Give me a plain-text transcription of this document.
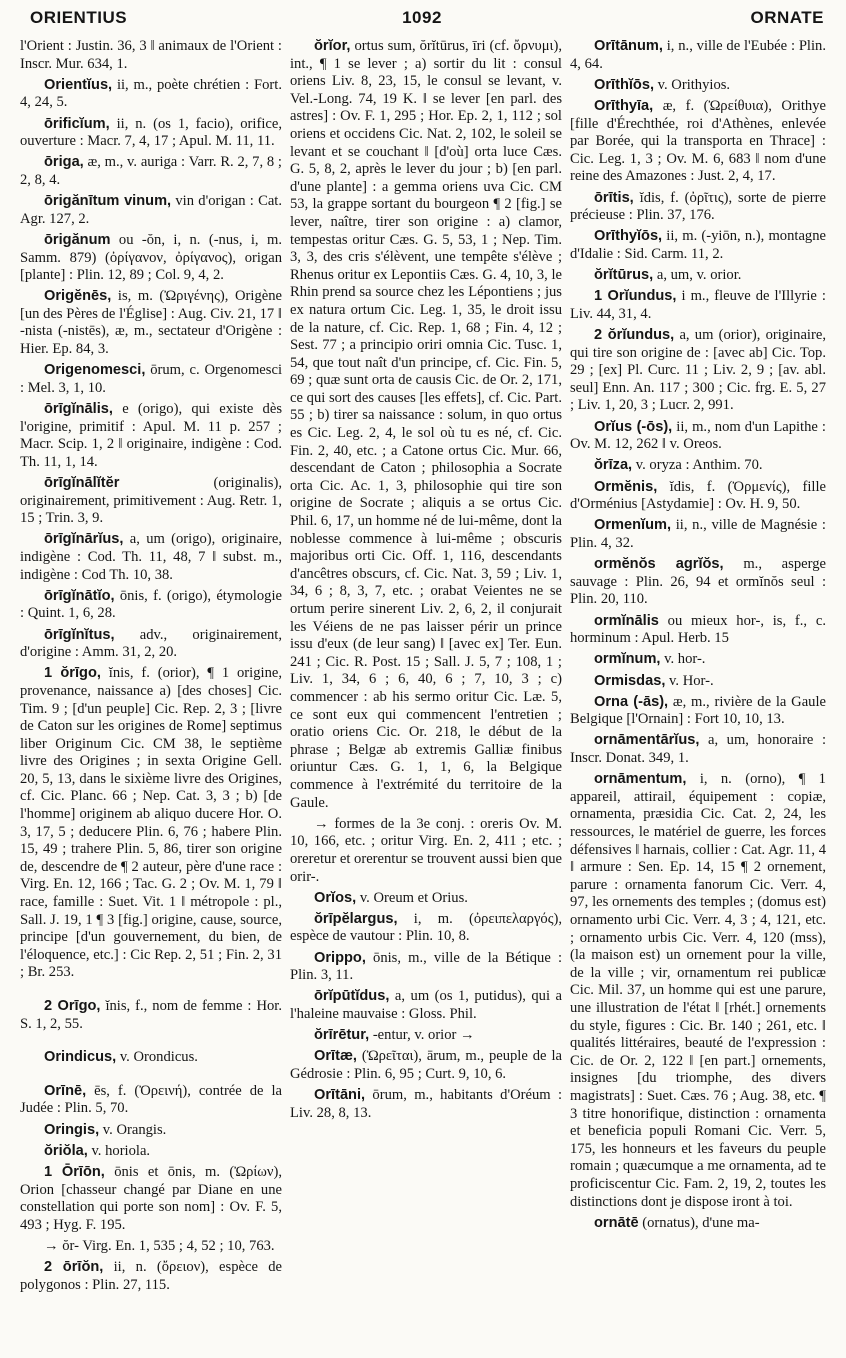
ORIENTIUS	1092	ORNATE

l'Orient : Justin. 36, 3 ‖ animaux de l'Orient : Inscr. Mur. 634, 1.

Orientĭus, ii, m., poète chrétien : Fort. 4, 24, 5.

ōrificĭum, ii, n. (os 1, facio), orifice, ouverture : Macr. 7, 4, 17 ; Apul. M. 11, 11.

ōriga, æ, m., v. auriga : Varr. R. 2, 7, 8 ; 2, 8, 4.

ōrigănītum vinum, vin d'origan : Cat. Agr. 127, 2.

ōrigănum ou -ŏn, i, n. (-nus, i, m. Samm. 879) (ὀρίγανον, ὀρίγανος), origan [plante] : Plin. 12, 89 ; Col. 9, 4, 2.

Origĕnēs, is, m. (Ὠριγένης), Origène [un des Pères de l'Église] : Aug. Civ. 21, 17 ‖ -nista (-nistēs), æ, m., sectateur d'Origène : Hier. Ep. 84, 3.

Origenomesci, ōrum, c. Orgenomesci : Mel. 3, 1, 10.

ōrīgĭnālis, e (origo), qui existe dès l'origine, primitif : Apul. M. 11 p. 257 ; Macr. Scip. 1, 2 ‖ originaire, indigène : Cod. Th. 11, 1, 14.

ōrīgĭnālĭtĕr	(originalis), originairement, primitivement : Aug. Retr. 1, 15 ; Trin. 3, 9.

ōrīgĭnārĭus, a, um (origo), originaire, indigène : Cod. Th. 11, 48, 7 ‖ subst. m., indigène : Cod Th. 10, 38.

ōrīgĭnātĭo, ōnis, f. (origo), étymologie : Quint. 1, 6, 28.

ōrīgĭnĭtus, adv., originairement, d'origine : Amm. 31, 2, 20.

1 ŏrīgo, ĭnis, f. (orior), ¶ 1 origine, provenance, naissance a) [des choses] Cic. Tim. 9 ; [d'un peuple] Cic. Rep. 2, 3 ; [livre de Caton sur les origines de Rome] septimus liber Originum Cic. CM 38, le septième livre des Origines ; in sexta Origine Gell. 20, 5, 13, dans le sixième livre des Origines, cf. Cic. Planc. 66 ; Nep. Cat. 3, 3 ; b) [de l'homme] originem ab aliquo ducere Hor. O. 3, 17, 5 ; deducere Plin. 6, 76 ; habere Plin. 15, 49 ; trahere Plin. 5, 86, tirer son origine de, descendre de ¶ 2 auteur, père d'une race : Virg. En. 12, 166 ; Tac. G. 2 ; Ov. M. 1, 79 ‖ race, famille : Suet. Vit. 1 ‖ métropole : pl., Sall. J. 19, 1 ¶ 3 [fig.] origine, cause, source, principe [d'un gouvernement, du bien, de l'éloquence, etc.] : Cic Rep. 2, 51 ; Fin. 2, 31 ; Br. 253.

2 Orīgo, ĭnis, f., nom de femme : Hor. S. 1, 2, 55.

Orindicus, v. Orondicus.

Orīnē, ēs, f. (Ὀρεινή), contrée de la Judée : Plin. 5, 70.

Oringis, v. Orangis.

ŏriŏla, v. horiola.

1 Ōrīōn, ōnis et ōnis, m. (Ὠρίων), Orion [chasseur changé par Diane en une constellation qui porte son nom] : Ov. F. 5, 493 ; Hyg. F. 195.

→ ŏr- Virg. En. 1, 535 ; 4, 52 ; 10, 763.

2 ōrīŏn, ii, n. (ὄρειον), espèce de polygonos : Plin. 27, 115.

ŏrĭor, ortus sum, ŏrĭtūrus, īri (cf. ὄρνυμι), int., ¶ 1 se lever ; a) sortir du lit : consul oriens Liv. 8, 23, 15, le consul se levant, v. Vel.-Long. 74, 19 K. ‖ se lever [en parl. des astres] : Ov. F. 1, 295 ; Hor. Ep. 2, 1, 112 ; sol oriens et occidens Cic. Nat. 2, 102, le soleil se levant et se couchant ‖ [d'où] orta luce Cæs. G. 5, 8, 2, après le lever du jour ; b) [en parl. d'une plante] : a gemma oriens uva Cic. CM 53, la grappe sortant du bourgeon ¶ 2 [fig.] se lever, naître, tirer son origine : a) clamor, tempestas oritur Cæs. G. 5, 53, 1 ; Nep. Tim. 3, 3, des cris s'élèvent, une tempête s'élève ; Rhenus oritur ex Lepontiis Cæs. G. 4, 10, 3, le Rhin prend sa source chez les Lépontiens ; jus ex natura ortum Cic. Leg. 1, 35, le droit issu de la nature, cf. Cic. Rep. 1, 68 ; Fin. 4, 12 ; Sest. 77 ; a principio oriri omnia Cic. Tusc. 1, 54, que tout naît d'un principe, cf. Cic. Fin. 5, 69 ; quæ sunt orta de causis Cic. de Or. 2, 171, ce qui sort des causes [les effets], cf. Cic. Part. 55 ; b) tirer sa naissance : solum, in quo ortus es Cic. Leg. 2, 4, le sol où tu es né, cf. Cic. Fin. 2, 40, etc. ; a Catone ortus Cic. Mur. 66, descendant de Caton ; philosophia a Socrate orta Cic. Ac. 1, 3, philosophie qui tire son origine de Socrate ; aliquis a se ortus Cic. Phil. 6, 17, un homme né de lui-même, dont la noblesse commence à lui-même ; obscuris majoribus orti Cic. Off. 1, 116, descendants d'ancêtres obscurs, cf. Cic. Nat. 3, 59 ; Liv. 1, 34, 6 ; 8, 3, 7, etc. ; orabat Veientes ne se ortum perire sinerent Liv. 2, 6, 2, il conjurait les Véiens de ne pas laisser périr un prince issu d'eux (de leur sang) ‖ [avec ex] Ter. Eun. 241 ; Cic. R. Post. 15 ; Sall. J. 5, 7 ; 108, 1 ; Liv. 1, 34, 6 ; 6, 40, 6 ; 7, 10, 3 ; c) commencer : ab his sermo oritur Cic. Læ. 5, ce sont eux qui commencent l'entretien ; oratio oriens Cic. Or. 218, le début de la phrase ; Belgæ ab extremis Galliæ finibus oriuntur Cæs. G. 1, 1, 6, la Belgique commence à l'extrémité du territoire de la Gaule.

→ formes de la 3e conj. : oreris Ov. M. 10, 166, etc. ; oritur Virg. En. 2, 411 ; etc. ; oreretur et orerentur se trouvent aussi bien que orir-.

Orĭos, v. Oreum et Orius.

ŏrīpĕlargus, i, m. (ὀρειπελαργός), espèce de vautour : Plin. 10, 8.

Orippo, ōnis, m., ville de la Bétique : Plin. 3, 11.

ōrĭpūtĭdus, a, um (os 1, putidus), qui a l'haleine mauvaise : Gloss. Phil.

ŏrīrētur, -entur, v. orior →

Orītæ, (Ὠρεῖται), ārum, m., peuple de la Gédrosie : Plin. 6, 95 ; Curt. 9, 10, 6.

Orītāni, ōrum, m., habitants d'Oréum : Liv. 28, 8, 13.

Orītānum, i, n., ville de l'Eubée : Plin. 4, 64.

Orīthĭōs, v. Orithyios.

Orīthyīa, æ, f. (Ὠρείθυια), Orithye [fille d'Érechthée, roi d'Athènes, enlevée par Borée, qui la transporta en Thrace] : Cic. Leg. 1, 3 ; Ov. M. 6, 683 ‖ nom d'une reine des Amazones : Just. 2, 4, 17.

ōrītis, ĭdis, f. (ὀρῖτις), sorte de pierre précieuse : Plin. 37, 176.

Orīthyĭōs, ii, m. (-yiōn, n.), montagne d'Idalie : Sid. Carm. 11, 2.

ŏrĭtūrus, a, um, v. orior.

1 Orĭundus, i m., fleuve de l'Illyrie : Liv. 44, 31, 4.

2 ŏrĭundus, a, um (orior), originaire, qui tire son origine de : [avec ab] Cic. Top. 29 ; [ex] Pl. Curc. 11 ; Liv. 2, 9 ; [av. abl. seul] Enn. An. 117 ; 300 ; Cic. frg. E. 5, 27 ; Liv. 1, 20, 3 ; Lucr. 2, 991.

Orĭus (-ōs), ii, m., nom d'un Lapithe : Ov. M. 12, 262 ‖ v. Oreos.

ŏrīza, v. oryza : Anthim. 70.

Ormĕnis, ĭdis, f. (Ὀρμενίς), fille d'Orménius [Astydamie] : Ov. H. 9, 50.

Ormenĭum, ii, n., ville de Magnésie : Plin. 4, 32.

ormĕnŏs agrĭŏs, m., asperge sauvage : Plin. 26, 94 et ormĭnŏs seul : Plin. 20, 110.

ormĭnālis ou mieux hor-, is, f., c. horminum : Apul. Herb. 15

ormĭnum, v. hor-.

Ormisdas, v. Hor-.

Orna (-ās), æ, m., rivière de la Gaule Belgique [l'Ornain] : Fort 10, 10, 13.

ornāmentārĭus, a, um, honoraire : Inscr. Donat. 349, 1.

ornāmentum, i, n. (orno), ¶ 1 appareil, attirail, équipement : copiæ, ornamenta, præsidia Cic. Cat. 2, 24, les ressources, le matériel de guerre, les forces défensives ‖ harnais, collier : Cat. Agr. 11, 4 ‖ armure : Sen. Ep. 14, 15 ¶ 2 ornement, parure : ornamenta fanorum Cic. Verr. 4, 97, les ornements des temples ; (domus est) ornamento urbi Cic. Verr. 4, 3 ; 4, 121, etc. ; ornamento urbis Cic. Verr. 4, 120 (mss), (la maison est) un ornement pour la ville, de la ville ; vir, ornamentum rei publicæ Cic. Mil. 37, un homme qui est une parure, une illustration de l'état ‖ [rhét.] ornements du style, figures : Cic. Br. 140 ; 261, etc. ‖ qualités littéraires, beauté de l'expression : Cic. de Or. 2, 122 ‖ [en part.] ornements, insignes [du triomphe, des divers magistrats] : Suet. Cæs. 76 ; Aug. 38, etc. ¶ 3 titre honorifique, distinction : ornamenta et beneficia populi Romani Cic. Verr. 5, 175, les honneurs et les faveurs du peuple romain ; quæcumque a me ornamenta, ad te proficiscentur Cic. Fam. 2, 19, 2, toutes les distinctions dont je dispose iront à toi.

ornātē (ornatus), d'une ma-
